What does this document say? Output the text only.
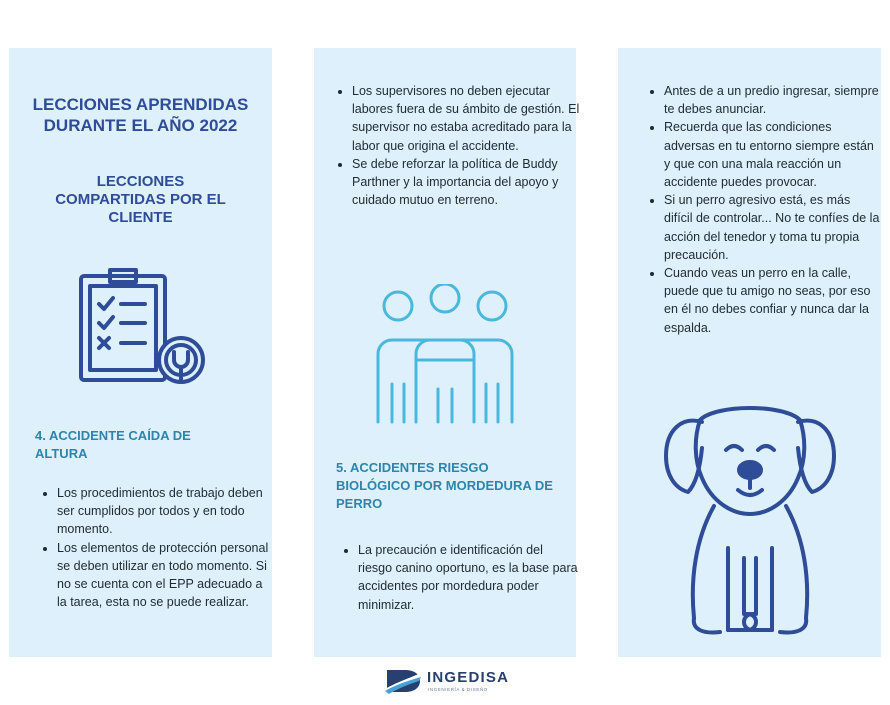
LECCIONES APRENDIDAS DURANTE EL AÑO 2022
LECCIONES COMPARTIDAS POR EL CLIENTE
4. ACCIDENTE CAÍDA DE ALTURA
• Los procedimientos de trabajo deben ser cumplidos por todos y en todo momento.
• Los elementos de protección personal se deben utilizar en todo momento. Si no se cuenta con el EPP adecuado a la tarea, esta no se puede realizar.
• Los supervisores no deben ejecutar labores fuera de su ámbito de gestión. El supervisor no estaba acreditado para la labor que origina el accidente.
• Se debe reforzar la política de Buddy Parthner y la importancia del apoyo y cuidado mutuo en terreno.
5. ACCIDENTES RIESGO BIOLÓGICO POR MORDEDURA DE PERRO
• La precaución e identificación del riesgo canino oportuno, es la base para accidentes por mordedura poder minimizar.
• Antes de a un predio ingresar, siempre te debes anunciar.
• Recuerda que las condiciones adversas en tu entorno siempre están y que con una mala reacción un accidente puedes provocar.
• Si un perro agresivo está, es más difícil de controlar... No te confíes de la acción del tenedor y toma tu propia precaución.
• Cuando veas un perro en la calle, puede que tu amigo no seas, por eso en él no debes confiar y nunca dar la espalda.
INGEDISA
INGENIERÍA & DISEÑO
